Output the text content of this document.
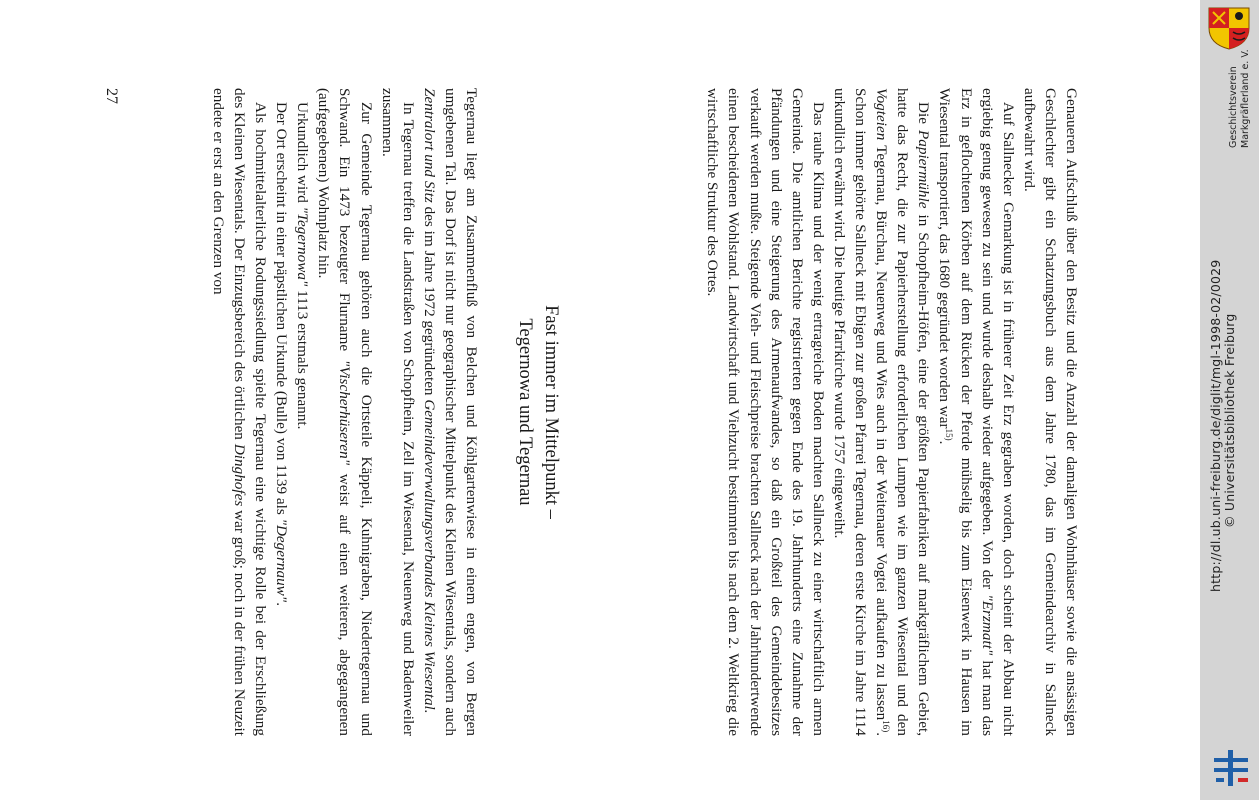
Genaueren Aufschluß über den Besitz und die Anzahl der damaligen Wohnhäuser sowie die ansässigen Geschlechter gibt ein Schatzungsbuch aus dem Jahre 1780, das im Gemeindearchiv in Sallneck aufbewahrt wird.

Auf Sallnecker Gemarkung ist in früherer Zeit Erz gegraben worden, doch scheint der Abbau nicht ergiebig genug gewesen zu sein und wurde deshalb wieder aufgegeben. Von der "Erzmatt" hat man das Erz in geflochtenen Körben auf dem Rücken der Pferde mühselig bis zum Eisenwerk in Hausen im Wiesental transportiert, das 1680 gegründet worden war$^{15)}$.

Die Papiermühle in Schopfheim-Höfen, eine der größten Papierfabriken auf markgräflichem Gebiet, hatte das Recht, die zur Papierherstellung erforderlichen Lumpen wie im ganzen Wiesental und den Vogteien Tegernau, Bürchau, Neuenweg und Wies auch in der Weitenauer Vogtei aufkaufen zu lassen$^{16)}$. Schon immer gehörte Sallneck mit Ebigen zur großen Pfarrei Tegernau, deren erste Kirche im Jahre 1114 urkundlich erwähnt wird. Die heutige Pfarrkirche wurde 1757 eingeweiht.

Das rauhe Klima und der wenig ertragreiche Boden machten Sallneck zu einer wirtschaftlich armen Gemeinde. Die amtlichen Berichte registrierten gegen Ende des 19. Jahrhunderts eine Zunahme der Pfändungen und eine Steigerung des Armenaufwandes, so daß ein Großteil des Gemeindebesitzes verkauft werden mußte. Steigende Vieh- und Fleischpreise brachten Sallneck nach der Jahrhundertwende einen bescheidenen Wohlstand. Landwirtschaft und Viehzucht bestimmten bis nach dem 2. Weltkrieg die wirtschaftliche Struktur des Ortes.

Fast immer im Mittelpunkt –
Tegernowa und Tegernau

Tegernau liegt am Zusammenfluß von Belchen und Köhlgartenwiese in einem engen, von Bergen umgebenen Tal. Das Dorf ist nicht nur geographischer Mittelpunkt des Kleinen Wiesentals, sondern auch Zentralort und Sitz des im Jahre 1972 gegründeten Gemeindeverwaltungsverbandes Kleines Wiesental.

In Tegernau treffen die Landstraßen von Schopfheim, Zell im Wiesental, Neuenweg und Badenweiler zusammen.

Zur Gemeinde Tegernau gehören auch die Ortsteile Käppeli, Kuhnigraben, Niedertegernau und Schwand. Ein 1473 bezeugter Flurname "Vischerhüseren" weist auf einen weiteren, abgegangenen (aufgegebenen) Wohnplatz hin.

Urkundlich wird "Tegernowa" 1113 erstmals genannt.

Der Ort erscheint in einer päpstlichen Urkunde (Bulle) von 1139 als "Degernauw".

Als hochmittelalterliche Rodungssiedlung spielte Tegernau eine wichtige Rolle bei der Erschließung des Kleinen Wiesentals. Der Einzugsbereich des örtlichen Dinghofes war groß; noch in der frühen Neuzeit endete er erst an den Grenzen von

27	Geschichtsverein Markgräflerland e. V.
http://dl.ub.uni-freiburg.de/diglit/mgl-1998-02/0029 © Universitätsbibliothek Freiburg
